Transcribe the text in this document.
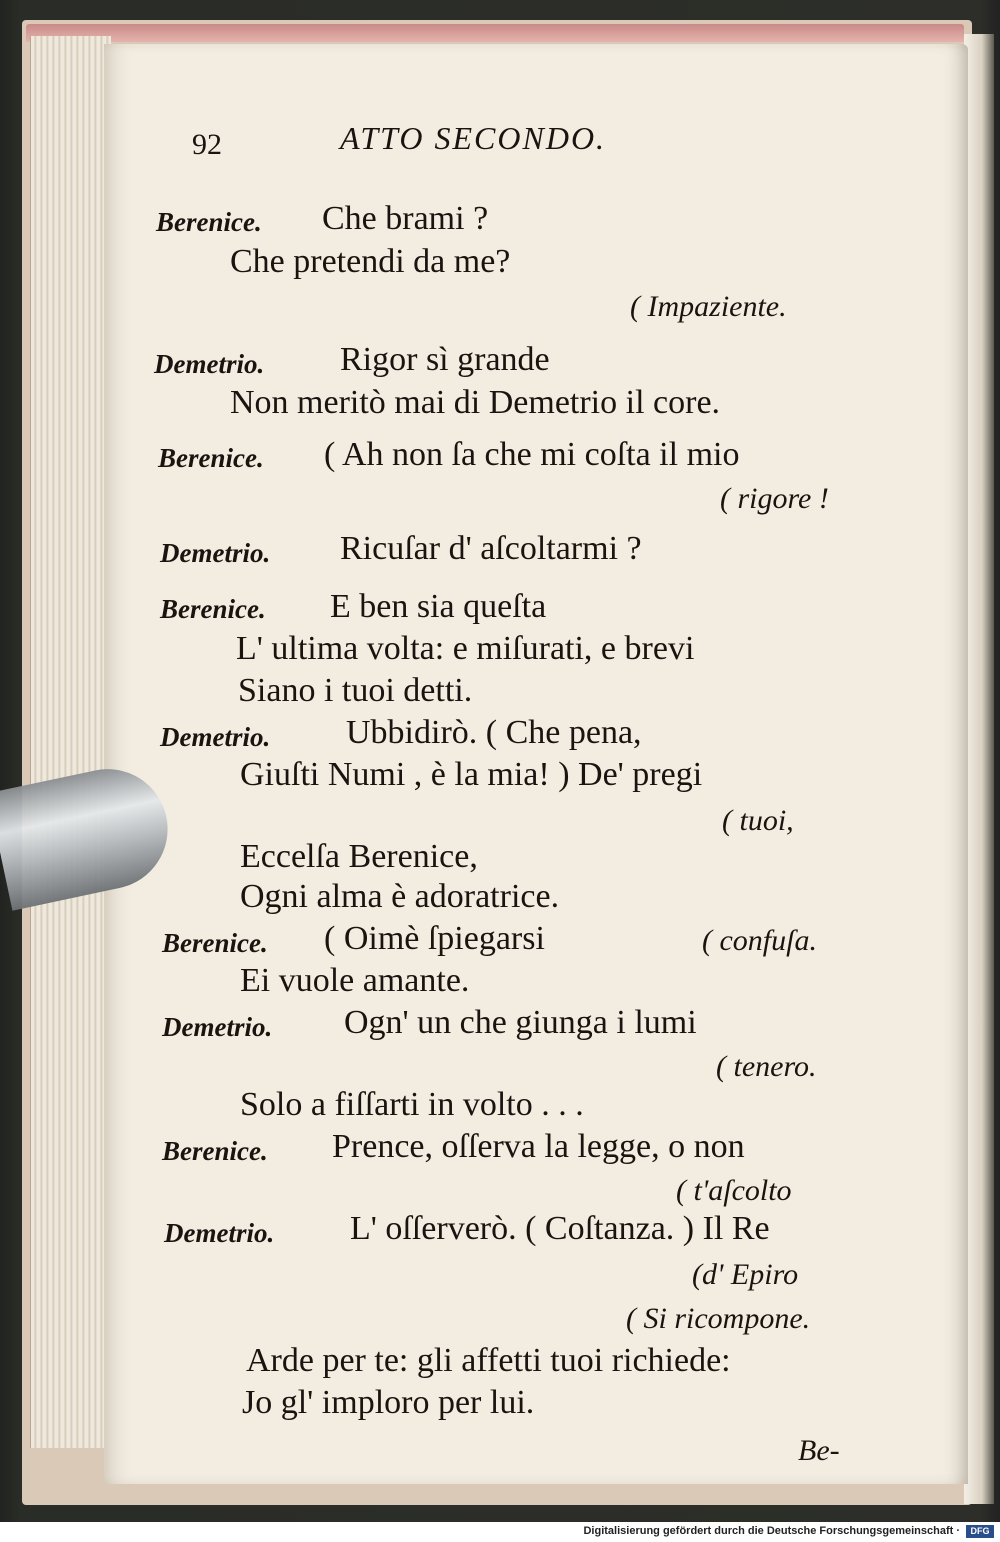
92	ATTO SECONDO.
Berenice. Che brami ?
Che pretendi da me?
( Impaziente.
Demetrio. Rigor sì grande
Non meritò mai di Demetrio il core.
Berenice. ( Ah non ſa che mi coſta il mio
( rigore !
Demetrio. Ricuſar d' aſcoltarmi ?
Berenice. E ben sia queſta
L' ultima volta: e miſurati, e brevi
Siano i tuoi detti.
Demetrio. Ubbidirò. ( Che pena,
Giuſti Numi , è la mia! ) De' pregi
( tuoi,
Eccelſa Berenice,
Ogni alma è adoratrice.
Berenice. ( Oimè ſpiegarsi	( confuſa.
Ei vuole amante.
Demetrio. Ogn' un che giunga i lumi
( tenero.
Solo a fiſſarti in volto . . .
Berenice. Prence, oſſerva la legge, o non
( t'aſcolto
Demetrio. L' oſſerverò. ( Coſtanza. ) Il Re
(d' Epiro
( Si ricompone.
Arde per te: gli affetti tuoi richiede:
Jo gl' imploro per lui.
Be-
Digitalisierung gefördert durch die Deutsche Forschungsgemeinschaft ·	DFG
